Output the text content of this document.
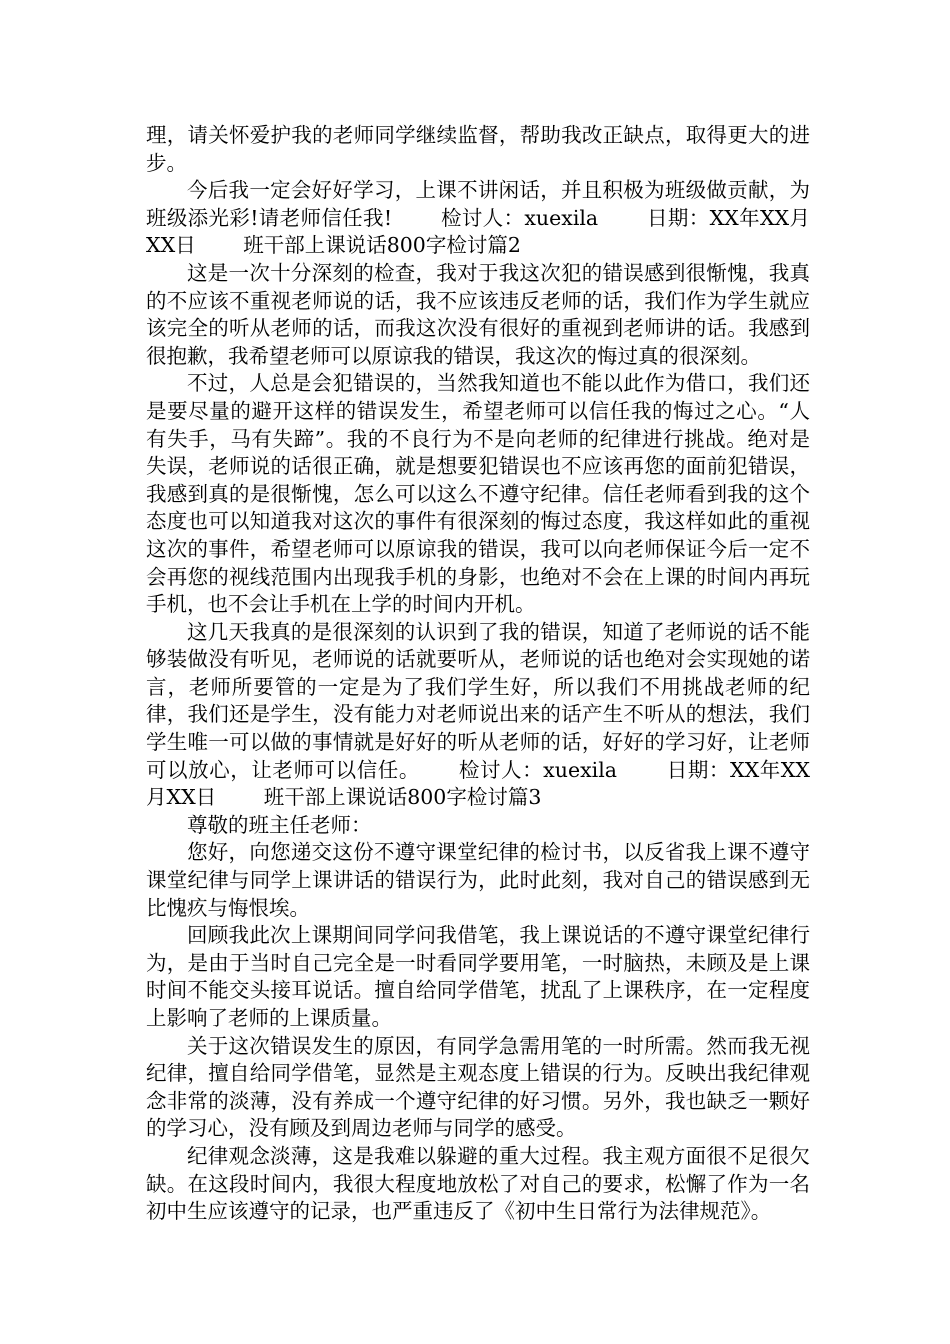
理，请关怀爱护我的老师同学继续监督，帮助我改正缺点，取得更大的进步。

今后我一定会好好学习，上课不讲闲话，并且积极为班级做贡献，为班级添光彩!请老师信任我!　　 检讨人：xuexila　　 日期：XX年XX月XX日　　 班干部上课说话800字检讨篇2

这是一次十分深刻的检查，我对于我这次犯的错误感到很惭愧，我真的不应该不重视老师说的话，我不应该违反老师的话，我们作为学生就应该完全的听从老师的话，而我这次没有很好的重视到老师讲的话。我感到很抱歉，我希望老师可以原谅我的错误，我这次的悔过真的很深刻。

不过，人总是会犯错误的，当然我知道也不能以此作为借口，我们还是要尽量的避开这样的错误发生，希望老师可以信任我的悔过之心。“人有失手，马有失蹄”。我的不良行为不是向老师的纪律进行挑战。绝对是失误，老师说的话很正确，就是想要犯错误也不应该再您的面前犯错误，我感到真的是很惭愧，怎么可以这么不遵守纪律。信任老师看到我的这个态度也可以知道我对这次的事件有很深刻的悔过态度，我这样如此的重视这次的事件，希望老师可以原谅我的错误，我可以向老师保证今后一定不会再您的视线范围内出现我手机的身影，也绝对不会在上课的时间内再玩手机，也不会让手机在上学的时间内开机。

这几天我真的是很深刻的认识到了我的错误，知道了老师说的话不能够装做没有听见，老师说的话就要听从，老师说的话也绝对会实现她的诺言，老师所要管的一定是为了我们学生好，所以我们不用挑战老师的纪律，我们还是学生，没有能力对老师说出来的话产生不听从的想法，我们学生唯一可以做的事情就是好好的听从老师的话，好好的学习好，让老师可以放心，让老师可以信任。　　 检讨人：xuexila　　 日期：XX年XX月XX日　　 班干部上课说话800字检讨篇3

尊敬的班主任老师：

您好，向您递交这份不遵守课堂纪律的检讨书，以反省我上课不遵守课堂纪律与同学上课讲话的错误行为，此时此刻，我对自己的错误感到无比愧疚与悔恨埃。

回顾我此次上课期间同学问我借笔，我上课说话的不遵守课堂纪律行为，是由于当时自己完全是一时看同学要用笔，一时脑热，未顾及是上课时间不能交头接耳说话。擅自给同学借笔，扰乱了上课秩序，在一定程度上影响了老师的上课质量。

关于这次错误发生的原因，有同学急需用笔的一时所需。然而我无视纪律，擅自给同学借笔，显然是主观态度上错误的行为。反映出我纪律观念非常的淡薄，没有养成一个遵守纪律的好习惯。另外，我也缺乏一颗好的学习心，没有顾及到周边老师与同学的感受。

纪律观念淡薄，这是我难以躲避的重大过程。我主观方面很不足很欠缺。在这段时间内，我很大程度地放松了对自己的要求，松懈了作为一名初中生应该遵守的记录，也严重违反了《初中生日常行为法律规范》。
